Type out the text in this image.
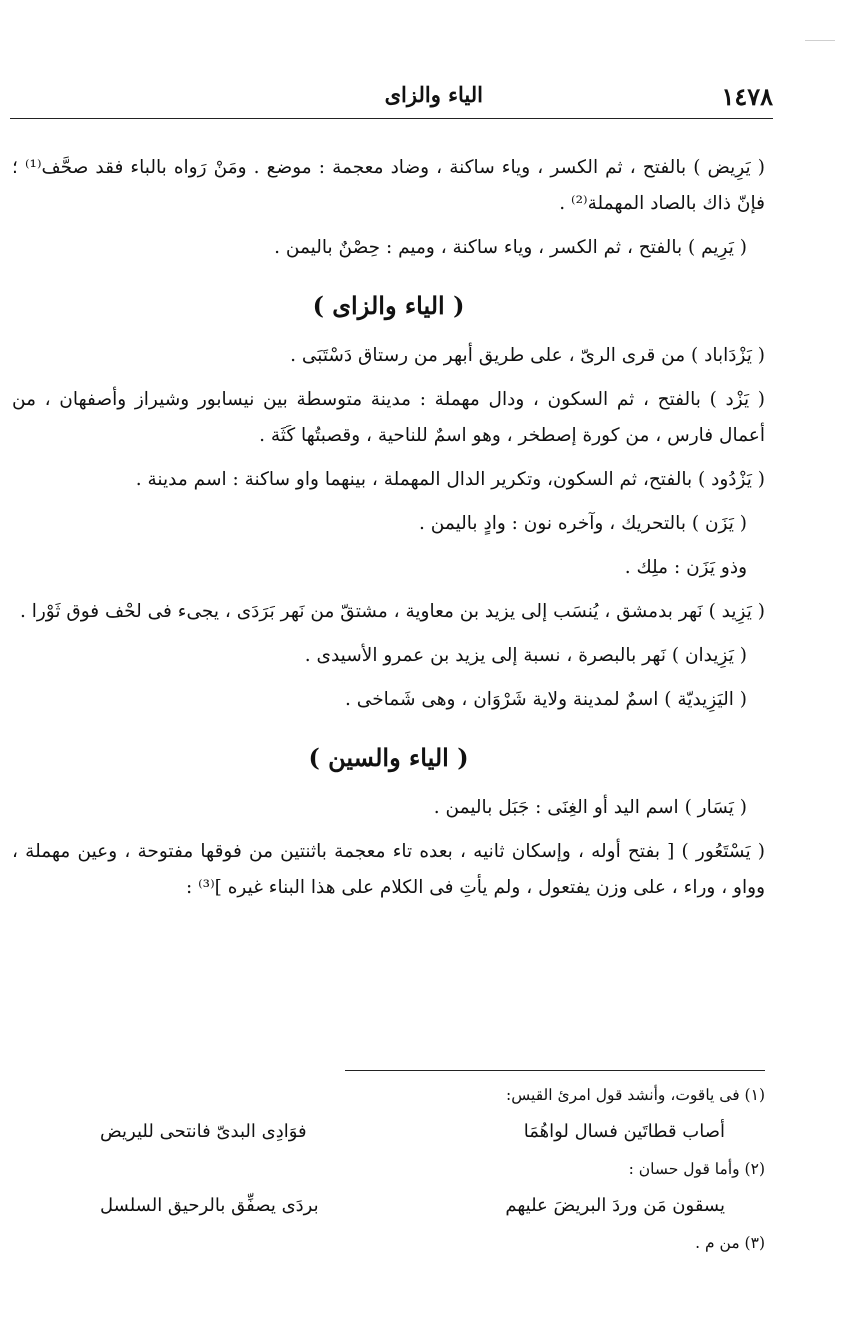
١٤٧٨
الياء والزاى

( يَرِيض ) بالفتح ، ثم الكسر ، وياء ساكنة ، وضاد معجمة : موضع . ومَنْ رَواه بالباء فقد صحَّف⁽¹⁾ ؛ فإنّ ذاك بالصاد المهملة⁽²⁾ .

( يَرِيم ) بالفتح ، ثم الكسر ، وياء ساكنة ، وميم : حِصْنٌ باليمن .

( الياء والزاى )

( يَزْدَاباد ) من قرى الرىّ ، على طريق أبهر من رستاق دَسْتَبَى .

( يَزْد ) بالفتح ، ثم السكون ، ودال مهملة : مدينة متوسطة بين نيسابور وشيراز وأصفهان ، من أعمال فارس ، من كورة إصطخر ، وهو اسمٌ للناحية ، وقصبتُها كَثَة .

( يَزْدُود ) بالفتح، ثم السكون، وتكرير الدال المهملة ، بينهما واو ساكنة : اسم مدينة .

( يَزَن ) بالتحريك ، وآخره نون : وادٍ باليمن .

وذو يَزَن : ملِك .

( يَزِيد ) نَهر بدمشق ، يُنسَب إلى يزيد بن معاوية ، مشتقّ من نَهر بَرَدَى ، يجىء فى لحْف فوق ثَوْرا .

( يَزِيدان ) نَهر بالبصرة ، نسبة إلى يزيد بن عمرو الأسيدى .

( اليَزِيديّة ) اسمٌ لمدينة ولاية شَرْوَان ، وهى شَماخى .

( الياء والسين )

( يَسَار ) اسم اليد أو الغِنَى : جَبَل باليمن .

( يَسْتَعُور ) [ بفتح أوله ، وإسكان ثانيه ، بعده تاء معجمة باثنتين من فوقها مفتوحة ، وعين مهملة ، وواو ، وراء ، على وزن يفتعول ، ولم يأتِ فى الكلام على هذا البناء غيره ]⁽³⁾ :

(١) فى ياقوت، وأنشد قول امرئ القيس:

أصاب قطاتَين فسال لواهُمَا
فوَادِى البدىّ فانتحى لليريض

(٢) وأما قول حسان :

يسقون مَن وردَ البريضَ عليهم
بردَى يصفِّق بالرحيق السلسل

(٣) من م .
